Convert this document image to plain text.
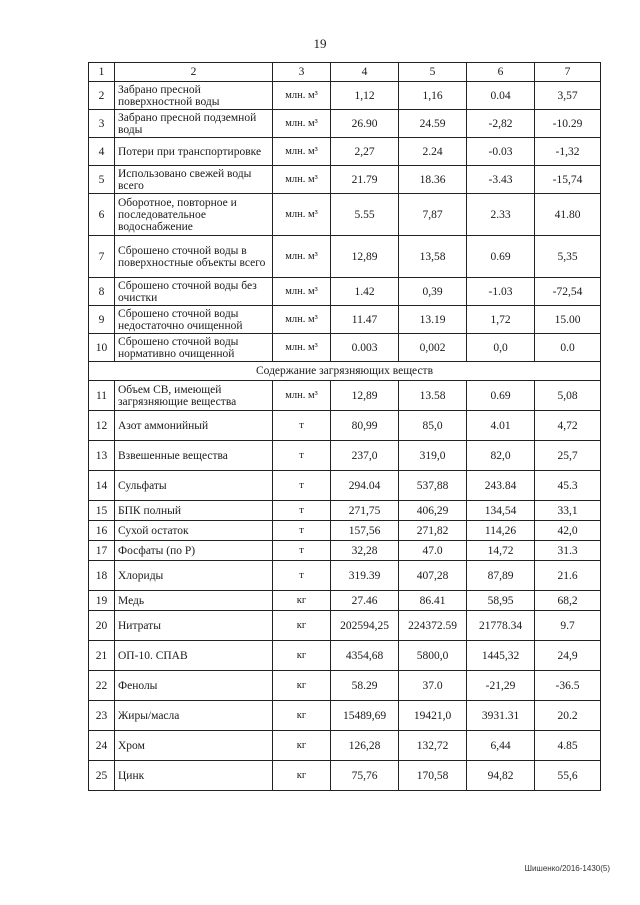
19
1	2	3	4	5	6	7
2	Забрано пресной поверхностной воды	млн. м³	1,12	1,16	0.04	3,57
3	Забрано пресной подземной воды	млн. м³	26.90	24.59	-2,82	-10.29
4	Потери при транспортировке	млн. м³	2,27	2.24	-0.03	-1,32
5	Использовано свежей воды всего	млн. м³	21.79	18.36	-3.43	-15,74
6	Оборотное, повторное и последовательное водоснабжение	млн. м³	5.55	7,87	2.33	41.80
7	Сброшено сточной воды в поверхностные объекты всего	млн. м³	12,89	13,58	0.69	5,35
8	Сброшено сточной воды без очистки	млн. м³	1.42	0,39	-1.03	-72,54
9	Сброшено сточной воды недостаточно очищенной	млн. м³	11.47	13.19	1,72	15.00
10	Сброшено сточной воды нормативно очищенной	млн. м³	0.003	0,002	0,0	0.0
Содержание загрязняющих веществ						
11	Объем СВ, имеющей загрязняющие вещества	млн. м³	12,89	13.58	0.69	5,08
12	Азот аммонийный	т	80,99	85,0	4.01	4,72
13	Взвешенные вещества	т	237,0	319,0	82,0	25,7
14	Сульфаты	т	294.04	537,88	243.84	45.3
15	БПК полный	т	271,75	406,29	134,54	33,1
16	Сухой остаток	т	157,56	271,82	114,26	42,0
17	Фосфаты (по Р)	т	32,28	47.0	14,72	31.3
18	Хлориды	т	319.39	407,28	87,89	21.6
19	Медь	кг	27.46	86.41	58,95	68,2
20	Нитраты	кг	202594,25	224372.59	21778.34	9.7
21	ОП-10. СПАВ	кг	4354,68	5800,0	1445,32	24,9
22	Фенолы	кг	58.29	37.0	-21,29	-36.5
23	Жиры/масла	кг	15489,69	19421,0	3931.31	20.2
24	Хром	кг	126,28	132,72	6,44	4.85
25	Цинк	кг	75,76	170,58	94,82	55,6
Шишенко/2016-1430(5)
